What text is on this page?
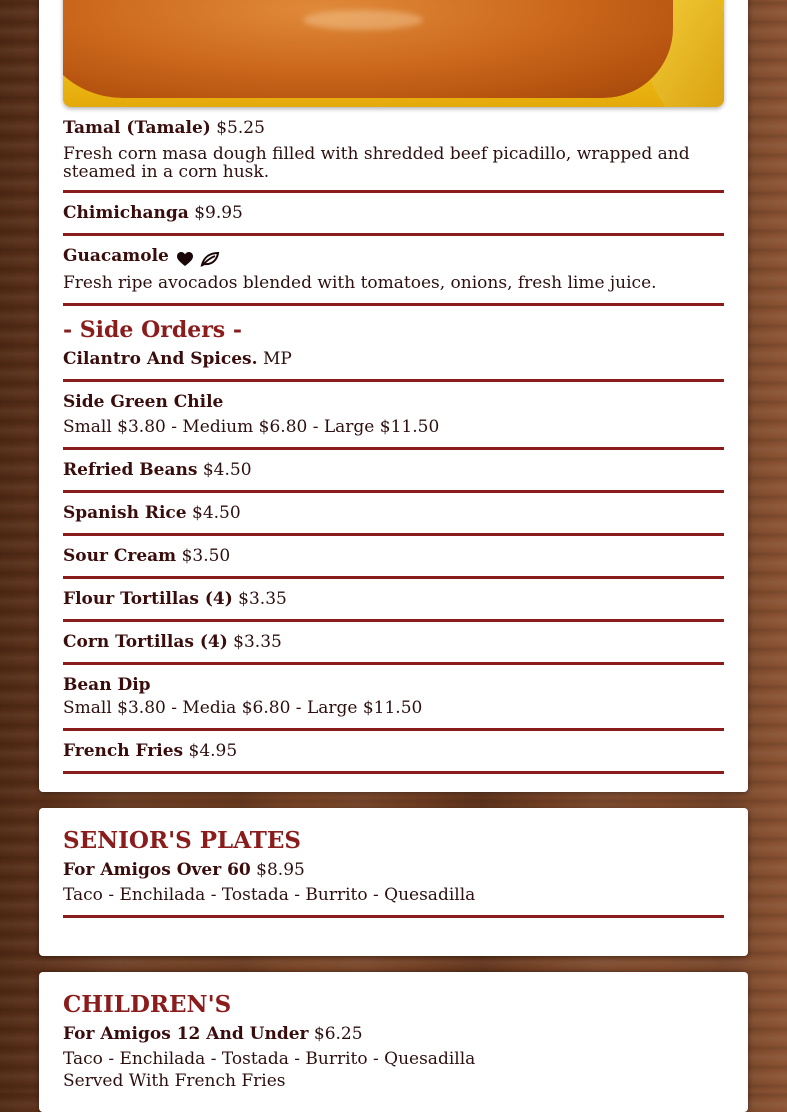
Tamal (Tamale) $5.25

Fresh corn masa dough filled with shredded beef picadillo, wrapped and steamed in a corn husk.

Chimichanga $9.95

Guacamole

Fresh ripe avocados blended with tomatoes, onions, fresh lime juice.
- Side Orders -

Cilantro And Spices. MP

Side Green Chile

Small $3.80 - Medium $6.80 - Large $11.50

Refried Beans $4.50

Spanish Rice $4.50

Sour Cream $3.50

Flour Tortillas (4) $3.35

Corn Tortillas (4) $3.35

Bean Dip

Small $3.80 - Media $6.80 - Large $11.50

French Fries $4.95

SENIOR'S PLATES

For Amigos Over 60 $8.95

Taco - Enchilada - Tostada - Burrito - Quesadilla
CHILDREN'S

For Amigos 12 And Under $6.25

Taco - Enchilada - Tostada - Burrito - Quesadilla
Served With French Fries
